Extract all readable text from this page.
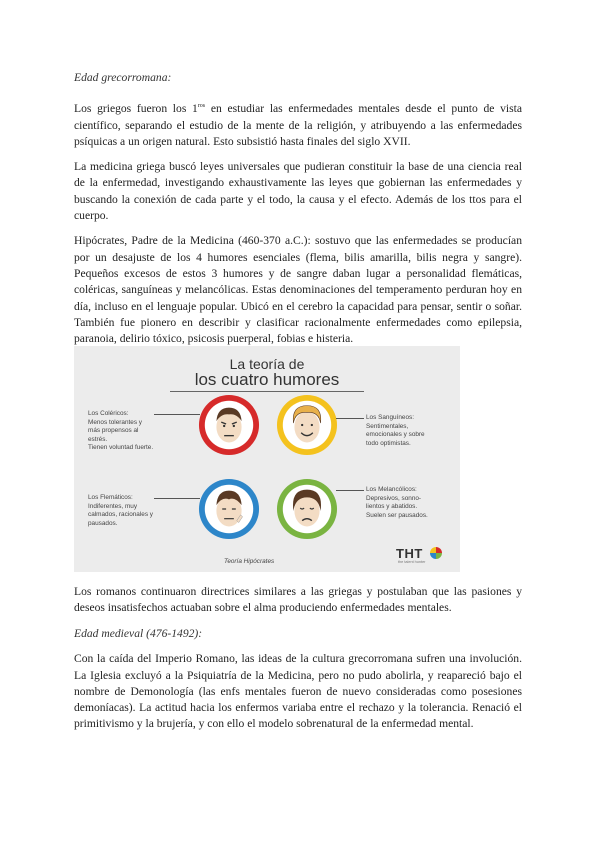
Edad grecorromana:

Los griegos fueron los $1^{ros}$ en estudiar las enfermedades mentales desde el punto de vista científico, separando el estudio de la mente de la religión, y atribuyendo a las enfermedades psíquicas a un origen natural. Esto subsistió hasta finales del siglo XVII.

La medicina griega buscó leyes universales que pudieran constituir la base de una ciencia real de la enfermedad, investigando exhaustivamente las leyes que gobiernan las enfermedades y buscando la conexión de cada parte y el todo, la causa y el efecto. Además de los ttos para el cuerpo.

Hipócrates, Padre de la Medicina (460-370 a.C.): sostuvo que las enfermedades se producían por un desajuste de los 4 humores esenciales (flema, bilis amarilla, bilis negra y sangre). Pequeños excesos de estos 3 humores y de sangre daban lugar a personalidad flemáticas, coléricas, sanguíneas y melancólicas. Estas denominaciones del temperamento perduran hoy en día, incluso en el lenguaje popular. Ubicó en el cerebro la capacidad para pensar, sentir o soñar. También fue pionero en describir y clasificar racionalmente enfermedades como epilepsia, paranoia, delirio tóxico, psicosis puerperal, fobias e histeria.

La teoría de
los cuatro humores
Los Coléricos:
Menos tolerantes y
más propensos al
estrés.
Tienen voluntad fuerte.
Los Sanguíneos:
Sentimentales,
emocionales y sobre
todo optimistas.
Los Flemáticos:
Indiferentes, muy
calmados, racionales y
pausados.
Los Melancólicos:
Depresivos, sonno-
lientos y abatidos.
Suelen ser pausados.
Teoría Hipócrates
THT
the talent hunter

Los romanos continuaron directrices similares a las griegas y postulaban que las pasiones y deseos insatisfechos actuaban sobre el alma produciendo enfermedades mentales.

Edad medieval (476-1492):

Con la caída del Imperio Romano, las ideas de la cultura grecorromana sufren una involución. La Iglesia excluyó a la Psiquiatría de la Medicina, pero no pudo abolirla, y reapareció bajo el nombre de Demonología (las enfs mentales fueron de nuevo consideradas como posesiones demoníacas). La actitud hacia los enfermos variaba entre el rechazo y la tolerancia. Renació el primitivismo y la brujería, y con ello el modelo sobrenatural de la enfermedad mental.
